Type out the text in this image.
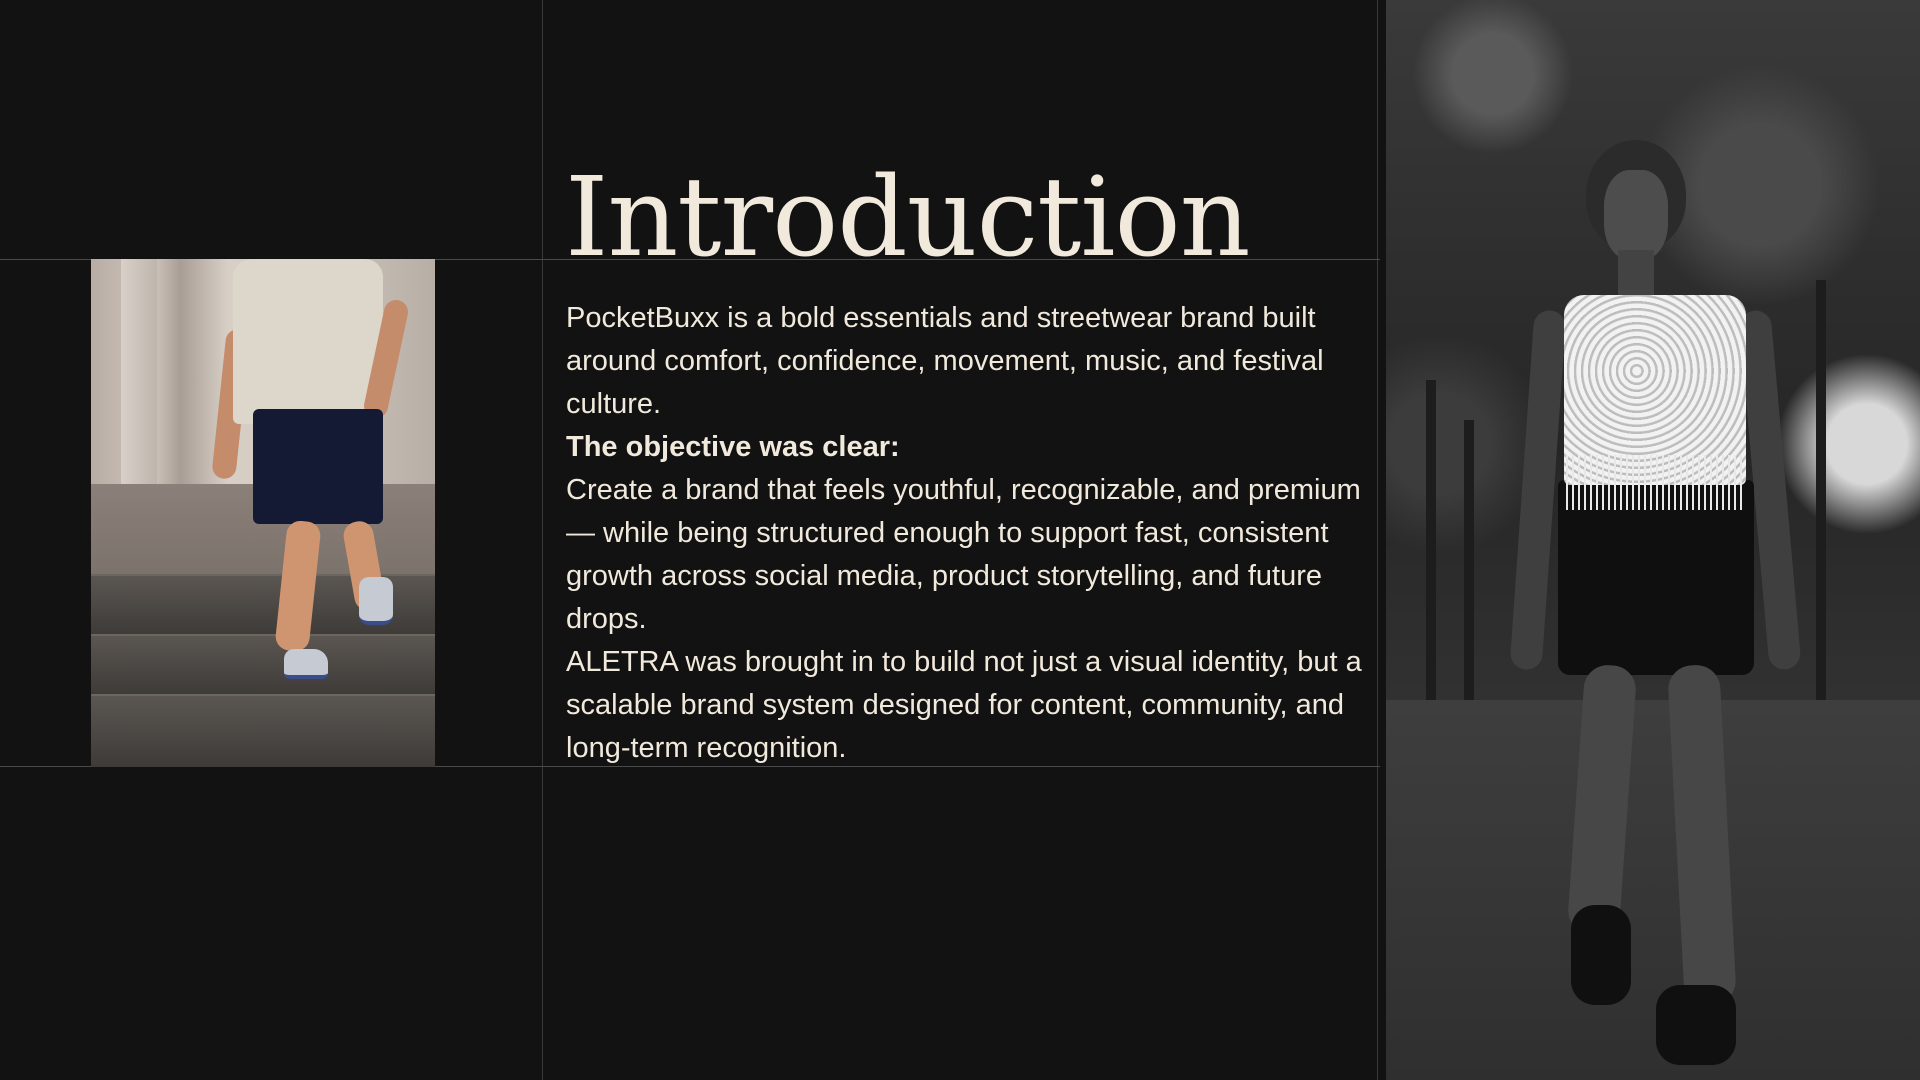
Introduction

PocketBuxx is a bold essentials and streetwear brand built around comfort, confidence, movement, music, and festival culture.

The objective was clear:

Create a brand that feels youthful, recognizable, and premium — while being structured enough to support fast, consistent growth across social media, product storytelling, and future drops.

ALETRA was brought in to build not just a visual identity, but a scalable brand system designed for content, community, and long-term recognition.
